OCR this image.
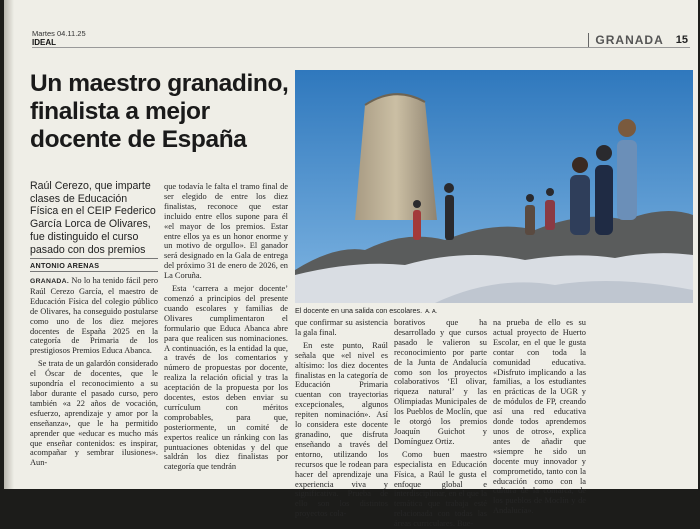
Martes 04.11.25
IDEAL	GRANADA 15
Un maestro granadino, finalista a mejor docente de España
El docente en una salida con escolares. A. A.

Raúl Cerezo, que imparte clases de Educación Física en el CEIP Federico García Lorca de Olivares, fue distinguido el curso pasado con dos premios

ANTONIO ARENAS

GRANADA. No lo ha tenido fácil pero Raúl Cerezo García, el maestro de Educación Física del colegio público de Olivares, ha conseguido postularse como uno de los diez mejores docentes de España 2025 en la categoría de Primaria de los prestigiosos Premios Educa Abanca.

Se trata de un galardón considerado el Óscar de docentes, que le supondría el reconocimiento a su labor durante el pasado curso, pero también «a 22 años de vocación, esfuerzo, aprendizaje y amor por la enseñanza», que le ha permitido aprender que «educar es mucho más que enseñar contenidos: es inspirar, acompañar y sembrar ilusiones». Aun-

que todavía le falta el tramo final de ser elegido de entre los diez finalistas, reconoce que estar incluido entre ellos supone para él «el mayor de los premios. Estar entre ellos ya es un honor enorme y un motivo de orgullo». El ganador será designado en la Gala de entrega del próximo 31 de enero de 2026, en La Coruña.

Esta ‘carrera a mejor docente’ comenzó a principios del presente cuando escolares y familias de Olivares cumplimentaron el formulario que Educa Abanca abre para que realicen sus nominaciones. A continuación, es la entidad la que, a través de los comentarios y número de propuestas por docente, realiza la relación oficial y tras la aceptación de la propuesta por los docentes, estos deben enviar su currículum con méritos comprobables, para que, posteriormente, un comité de expertos realice un ránking con las puntuaciones obtenidas y del que saldrán los diez finalistas por categoría que tendrán

que confirmar su asistencia la gala final.

En este punto, Raúl señala que «el nivel es altísimo: los diez docentes finalistas en la categoría de Educación Primaria cuentan con trayectorias excepcionales, algunos repiten nominación». Así lo considera este docente granadino, que disfruta enseñando a través del entorno, utilizando los recursos que le rodean para hacer del aprendizaje una experiencia viva y significativa. Prueba de ello son los distintos proyectos cola-

borativos que ha desarrollado y que cursos pasado le valieron su reconocimiento por parte de la Junta de Andalucía como son los proyectos colaborativos ‘El olivar, riqueza natural’ y las Olimpiadas Municipales de los Pueblos de Moclín, que le otorgó los premios Joaquín Guichot y Domínguez Ortiz.

Como buen maestro especialista en Educación Física, a Raúl le gusta el enfoque global e interdisciplinar, en el que la temática que trabaja esté relacionada con todas las áreas curriculares. Bue-

na prueba de ello es su actual proyecto de Huerto Escolar, en el que le gusta contar con toda la comunidad educativa. «Disfruto implicando a las familias, a los estudiantes en prácticas de la UGR y de módulos de FP, creando así una red educativa donde todos aprendemos unos de otros», explica antes de añadir que «siempre he sido un docente muy innovador y comprometido, tanto con la educación como con la cultura de la comarca, de los pueblos de Moclín y de Andalucía».
